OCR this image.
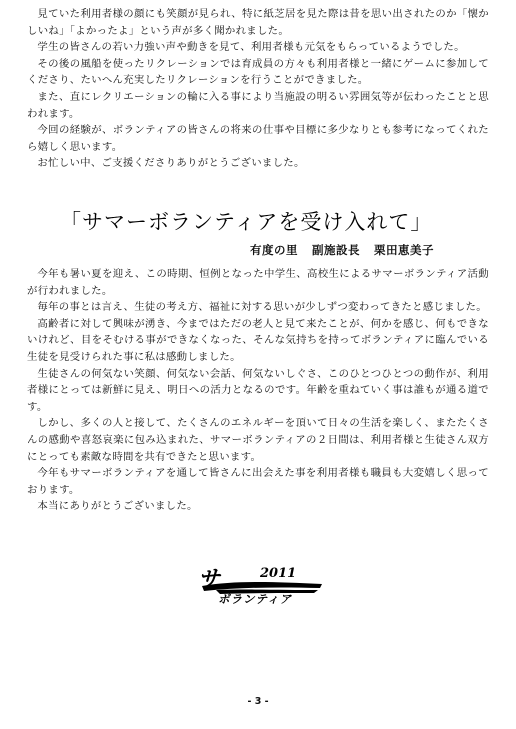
見ていた利用者様の顔にも笑顔が見られ、特に紙芝居を見た際は昔を思い出されたのか「懐かしいね」「よかったよ」という声が多く聞かれました。

学生の皆さんの若い力強い声や動きを見て、利用者様も元気をもらっているようでした。

その後の風船を使ったリクレーションでは育成員の方々も利用者様と一緒にゲームに参加してくださり、たいへん充実したリクレーションを行うことができました。

また、直にレクリエーションの輪に入る事により当施設の明るい雰囲気等が伝わったことと思われます。

今回の経験が、ボランティアの皆さんの将来の仕事や目標に多少なりとも参考になってくれたら嬉しく思います。

お忙しい中、ご支援くださりありがとうございました。

「サマーボランティアを受け入れて」
有度の里 副施設長 栗田恵美子

今年も暑い夏を迎え、この時期、恒例となった中学生、高校生によるサマーボランティア活動が行われました。

毎年の事とは言え、生徒の考え方、福祉に対する思いが少しずつ変わってきたと感じました。

高齢者に対して興味が湧き、今まではただの老人と見て来たことが、何かを感じ、何もできないけれど、目をそむける事ができなくなった、そんな気持ちを持ってボランティアに臨んでいる生徒を見受けられた事に私は感動しました。

生徒さんの何気ない笑顔、何気ない会話、何気ないしぐさ、このひとつひとつの動作が、利用者様にとっては新鮮に見え、明日への活力となるのです。年齢を重ねていく事は誰もが通る道です。

しかし、多くの人と接して、たくさんのエネルギーを頂いて日々の生活を楽しく、またたくさんの感動や喜怒哀楽に包み込まれた、サマーボランティアの２日間は、利用者様と生徒さん双方にとっても素敵な時間を共有できたと思います。

今年もサマーボランティアを通して皆さんに出会えた事を利用者様も職員も大変嬉しく思っております。

本当にありがとうございました。

サ	2011
ボランティア
- 3 -
